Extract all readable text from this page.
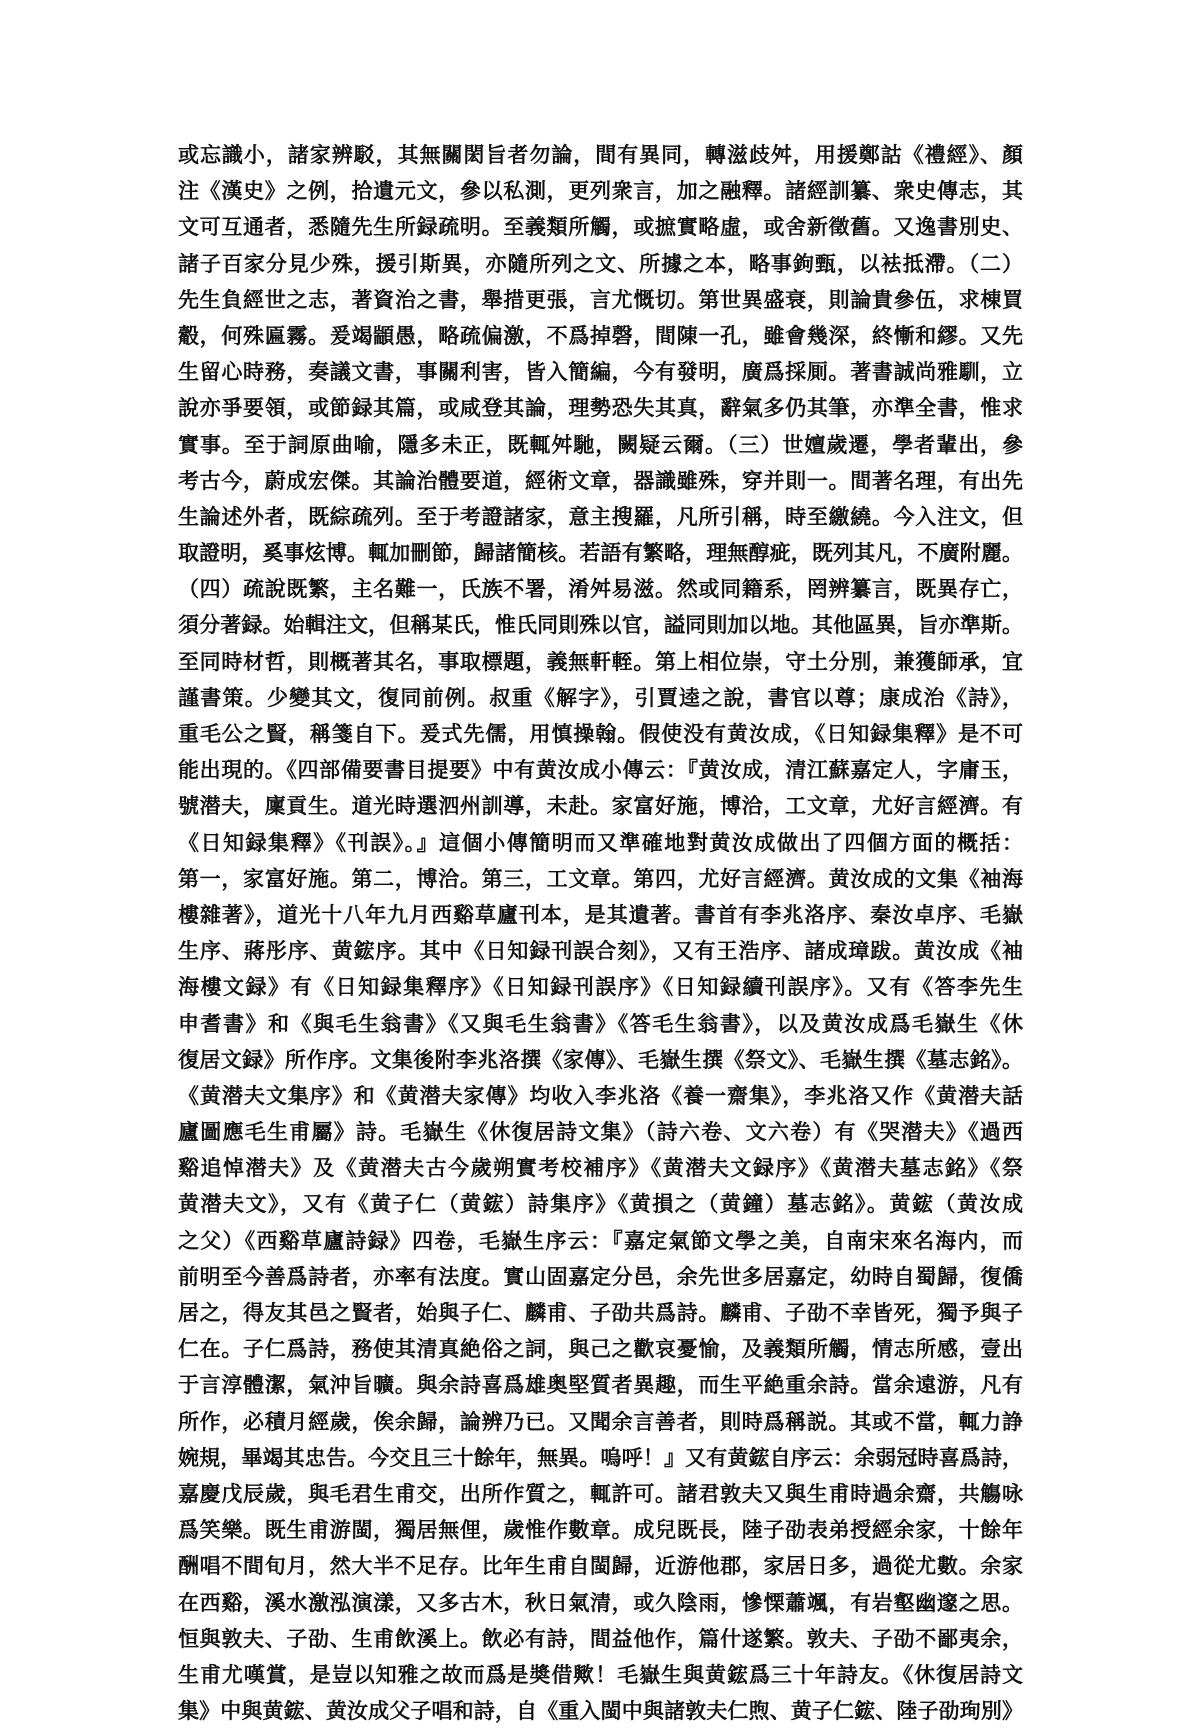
或忘識小，諸家辨駁，其無關閎旨者勿論，間有異同，轉滋歧舛，用援鄭詁《禮經》、顏
注《漢史》之例，拾遺元文，參以私測，更列衆言，加之融釋。諸經訓纂、衆史傳志，其
文可互通者，悉隨先生所録疏明。至義類所觸，或摭實略虛，或舍新徵舊。又逸書別史、
諸子百家分見少殊，援引斯異，亦隨所列之文、所據之本，略事鉤甄，以袪抵滯。（二）
先生負經世之志，著資治之書，舉措更張，言尤慨切。第世異盛衰，則論貴參伍，求棟買
觳，何殊匾霧。爰竭顓愚，略疏偏激，不爲掉磬，間陳一孔，雖會幾深，終慚和繆。又先
生留心時務，奏議文書，事關利害，皆入簡編，今有發明，廣爲採厠。著書誠尚雅馴，立
說亦爭要領，或節録其篇，或咸登其論，理勢恐失其真，辭氣多仍其筆，亦準全書，惟求
實事。至于詞原曲喻，隱多未正，既輒舛馳，闕疑云爾。（三）世嬗歲遷，學者輩出，參
考古今，蔚成宏傑。其論治體要道，經術文章，器識雖殊，穿并則一。間著名理，有出先
生論述外者，既綜疏列。至于考證諸家，意主搜羅，凡所引稱，時至繳繞。今入注文，但
取證明，奚事炫博。輒加刪節，歸諸簡核。若語有繁略，理無醇疵，既列其凡，不廣附麗。
（四）疏說既繁，主名難一，氏族不署，淆舛易滋。然或同籍系，罔辨纂言，既異存亡，
須分著録。始輯注文，但稱某氏，惟氏同則殊以官，謚同則加以地。其他區異，旨亦準斯。
至同時材哲，則概著其名，事取標題，義無軒輊。第上相位崇，守土分別，兼獲師承，宜
謹書策。少變其文，復同前例。叔重《解字》，引賈逵之說，書官以尊；康成治《詩》，
重毛公之賢，稱箋自下。爰式先儒，用慎操翰。假使没有黄汝成，《日知録集釋》是不可
能出現的。《四部備要書目提要》中有黄汝成小傳云：『黄汝成，清江蘇嘉定人，字庸玉，
號潜夫，廩貢生。道光時選泗州訓導，未赴。家富好施，博洽，工文章，尤好言經濟。有
《日知録集釋》《刊誤》。』這個小傳簡明而又準確地對黄汝成做出了四個方面的概括：
第一，家富好施。第二，博洽。第三，工文章。第四，尤好言經濟。黄汝成的文集《袖海
樓雜著》，道光十八年九月西谿草廬刊本，是其遺著。書首有李兆洛序、秦汝卓序、毛嶽
生序、蔣彤序、黄鋐序。其中《日知録刊誤合刻》，又有王浩序、諸成璋跋。黄汝成《袖
海樓文録》有《日知録集釋序》《日知録刊誤序》《日知録續刊誤序》。又有《答李先生
申耆書》和《與毛生翁書》《又與毛生翁書》《答毛生翁書》，以及黄汝成爲毛嶽生《休
復居文録》所作序。文集後附李兆洛撰《家傳》、毛嶽生撰《祭文》、毛嶽生撰《墓志銘》。
《黄潜夫文集序》和《黄潜夫家傳》均收入李兆洛《養一齋集》，李兆洛又作《黄潜夫話
廬圖應毛生甫屬》詩。毛嶽生《休復居詩文集》（詩六卷、文六卷）有《哭潜夫》《過西
谿追悼潜夫》及《黄潜夫古今歲朔實考校補序》《黄潜夫文録序》《黄潜夫墓志銘》《祭
黄潜夫文》，又有《黄子仁（黄鋐）詩集序》《黄損之（黄鐘）墓志銘》。黄鋐（黄汝成
之父）《西谿草廬詩録》四卷，毛嶽生序云：『嘉定氣節文學之美，自南宋來名海内，而
前明至今善爲詩者，亦率有法度。實山固嘉定分邑，余先世多居嘉定，幼時自蜀歸，復僑
居之，得友其邑之賢者，始與子仁、麟甫、子劭共爲詩。麟甫、子劭不幸皆死，獨予與子
仁在。子仁爲詩，務使其清真絶俗之詞，與己之歡哀憂愉，及義類所觸，情志所感，壹出
于言淳體潔，氣沖旨曠。與余詩喜爲雄奥堅質者異趣，而生平絶重余詩。當余遠游，凡有
所作，必積月經歲，俟余歸，論辨乃已。又聞余言善者，則時爲稱説。其或不當，輒力諍
婉規，畢竭其忠告。今交且三十餘年，無異。嗚呼！』又有黄鋐自序云：余弱冠時喜爲詩，
嘉慶戊辰歲，與毛君生甫交，出所作質之，輒許可。諸君敦夫又與生甫時過余齋，共觴咏
爲笑樂。既生甫游閩，獨居無俚，歲惟作數章。成兒既長，陸子劭表弟授經余家，十餘年
酬唱不間旬月，然大半不足存。比年生甫自閩歸，近游他郡，家居日多，過從尤數。余家
在西谿，溪水激泓演漾，又多古木，秋日氣清，或久陰雨，慘慄蕭颯，有岩壑幽邃之思。
恒與敦夫、子劭、生甫飲溪上。飲必有詩，間益他作，篇什遂繁。敦夫、子劭不鄙夷余，
生甫尤嘆賞，是豈以知雅之故而爲是奬借歟！毛嶽生與黄鋐爲三十年詩友。《休復居詩文
集》中與黄鋐、黄汝成父子唱和詩，自《重入閩中與諸敦夫仁煦、黄子仁鋐、陸子劭珣別》
